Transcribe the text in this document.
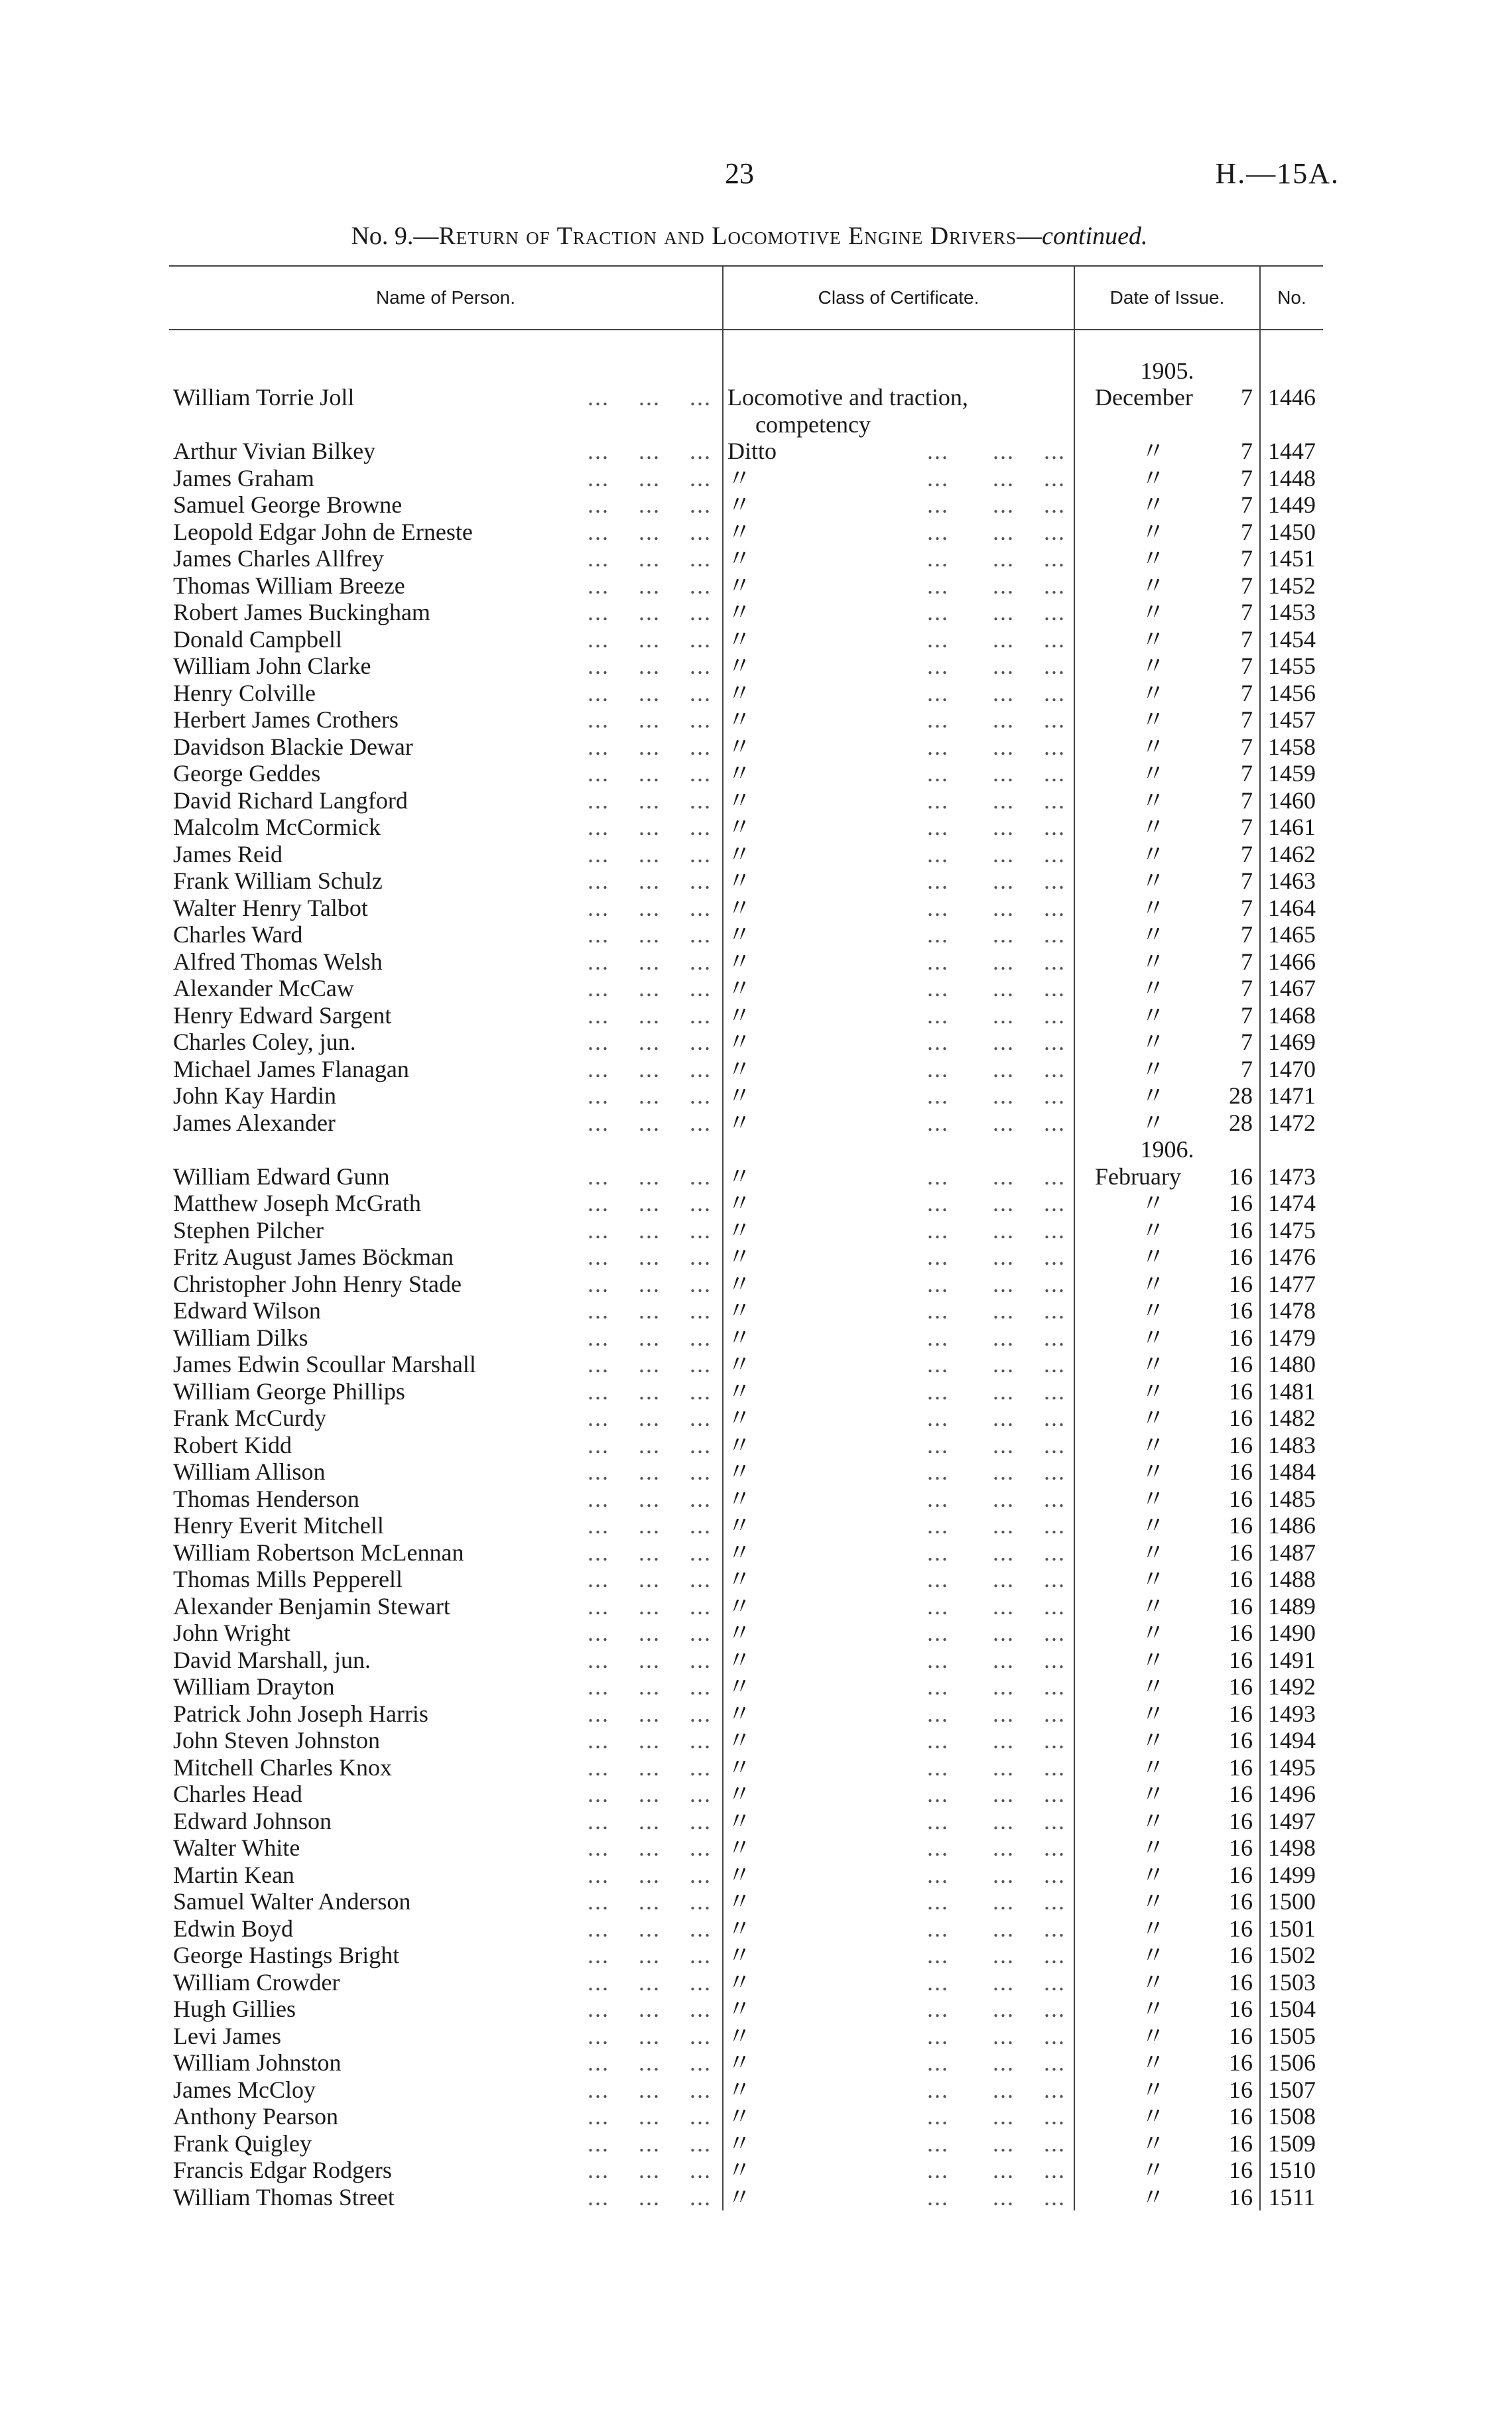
23	H.—15A.
No. 9.—Return of Traction and Locomotive Engine Drivers—continued.
Name of Person.	Class of Certificate.	Date of Issue.	No.

		1905.	
William Torrie Joll ...    ...    ...	Locomotive and traction,	December 7	1446
	competency		
Arthur Vivian Bilkey ...    ...    ...	Ditto ...      ...    ...	〃 7	1447
James Graham ...    ...    ...	〃 ...      ...    ...	〃 7	1448
Samuel George Browne ...    ...    ...	〃 ...      ...    ...	〃 7	1449
Leopold Edgar John de Erneste ...    ...    ...	〃 ...      ...    ...	〃 7	1450
James Charles Allfrey ...    ...    ...	〃 ...      ...    ...	〃 7	1451
Thomas William Breeze ...    ...    ...	〃 ...      ...    ...	〃 7	1452
Robert James Buckingham ...    ...    ...	〃 ...      ...    ...	〃 7	1453
Donald Campbell ...    ...    ...	〃 ...      ...    ...	〃 7	1454
William John Clarke ...    ...    ...	〃 ...      ...    ...	〃 7	1455
Henry Colville ...    ...    ...	〃 ...      ...    ...	〃 7	1456
Herbert James Crothers ...    ...    ...	〃 ...      ...    ...	〃 7	1457
Davidson Blackie Dewar ...    ...    ...	〃 ...      ...    ...	〃 7	1458
George Geddes ...    ...    ...	〃 ...      ...    ...	〃 7	1459
David Richard Langford ...    ...    ...	〃 ...      ...    ...	〃 7	1460
Malcolm McCormick ...    ...    ...	〃 ...      ...    ...	〃 7	1461
James Reid ...    ...    ...	〃 ...      ...    ...	〃 7	1462
Frank William Schulz ...    ...    ...	〃 ...      ...    ...	〃 7	1463
Walter Henry Talbot ...    ...    ...	〃 ...      ...    ...	〃 7	1464
Charles Ward ...    ...    ...	〃 ...      ...    ...	〃 7	1465
Alfred Thomas Welsh ...    ...    ...	〃 ...      ...    ...	〃 7	1466
Alexander McCaw ...    ...    ...	〃 ...      ...    ...	〃 7	1467
Henry Edward Sargent ...    ...    ...	〃 ...      ...    ...	〃 7	1468
Charles Coley, jun. ...    ...    ...	〃 ...      ...    ...	〃 7	1469
Michael James Flanagan ...    ...    ...	〃 ...      ...    ...	〃 7	1470
John Kay Hardin ...    ...    ...	〃 ...      ...    ...	〃 28	1471
James Alexander ...    ...    ...	〃 ...      ...    ...	〃 28	1472
		1906.	
William Edward Gunn ...    ...    ...	〃 ...      ...    ...	February 16	1473
Matthew Joseph McGrath ...    ...    ...	〃 ...      ...    ...	〃 16	1474
Stephen Pilcher ...    ...    ...	〃 ...      ...    ...	〃 16	1475
Fritz August James Böckman ...    ...    ...	〃 ...      ...    ...	〃 16	1476
Christopher John Henry Stade ...    ...    ...	〃 ...      ...    ...	〃 16	1477
Edward Wilson ...    ...    ...	〃 ...      ...    ...	〃 16	1478
William Dilks ...    ...    ...	〃 ...      ...    ...	〃 16	1479
James Edwin Scoullar Marshall ...    ...    ...	〃 ...      ...    ...	〃 16	1480
William George Phillips ...    ...    ...	〃 ...      ...    ...	〃 16	1481
Frank McCurdy ...    ...    ...	〃 ...      ...    ...	〃 16	1482
Robert Kidd ...    ...    ...	〃 ...      ...    ...	〃 16	1483
William Allison ...    ...    ...	〃 ...      ...    ...	〃 16	1484
Thomas Henderson ...    ...    ...	〃 ...      ...    ...	〃 16	1485
Henry Everit Mitchell ...    ...    ...	〃 ...      ...    ...	〃 16	1486
William Robertson McLennan ...    ...    ...	〃 ...      ...    ...	〃 16	1487
Thomas Mills Pepperell ...    ...    ...	〃 ...      ...    ...	〃 16	1488
Alexander Benjamin Stewart ...    ...    ...	〃 ...      ...    ...	〃 16	1489
John Wright ...    ...    ...	〃 ...      ...    ...	〃 16	1490
David Marshall, jun. ...    ...    ...	〃 ...      ...    ...	〃 16	1491
William Drayton ...    ...    ...	〃 ...      ...    ...	〃 16	1492
Patrick John Joseph Harris ...    ...    ...	〃 ...      ...    ...	〃 16	1493
John Steven Johnston ...    ...    ...	〃 ...      ...    ...	〃 16	1494
Mitchell Charles Knox ...    ...    ...	〃 ...      ...    ...	〃 16	1495
Charles Head ...    ...    ...	〃 ...      ...    ...	〃 16	1496
Edward Johnson ...    ...    ...	〃 ...      ...    ...	〃 16	1497
Walter White ...    ...    ...	〃 ...      ...    ...	〃 16	1498
Martin Kean ...    ...    ...	〃 ...      ...    ...	〃 16	1499
Samuel Walter Anderson ...    ...    ...	〃 ...      ...    ...	〃 16	1500
Edwin Boyd ...    ...    ...	〃 ...      ...    ...	〃 16	1501
George Hastings Bright ...    ...    ...	〃 ...      ...    ...	〃 16	1502
William Crowder ...    ...    ...	〃 ...      ...    ...	〃 16	1503
Hugh Gillies ...    ...    ...	〃 ...      ...    ...	〃 16	1504
Levi James ...    ...    ...	〃 ...      ...    ...	〃 16	1505
William Johnston ...    ...    ...	〃 ...      ...    ...	〃 16	1506
James McCloy ...    ...    ...	〃 ...      ...    ...	〃 16	1507
Anthony Pearson ...    ...    ...	〃 ...      ...    ...	〃 16	1508
Frank Quigley ...    ...    ...	〃 ...      ...    ...	〃 16	1509
Francis Edgar Rodgers ...    ...    ...	〃 ...      ...    ...	〃 16	1510
William Thomas Street ...    ...    ...	〃 ...      ...    ...	〃 16	1511
